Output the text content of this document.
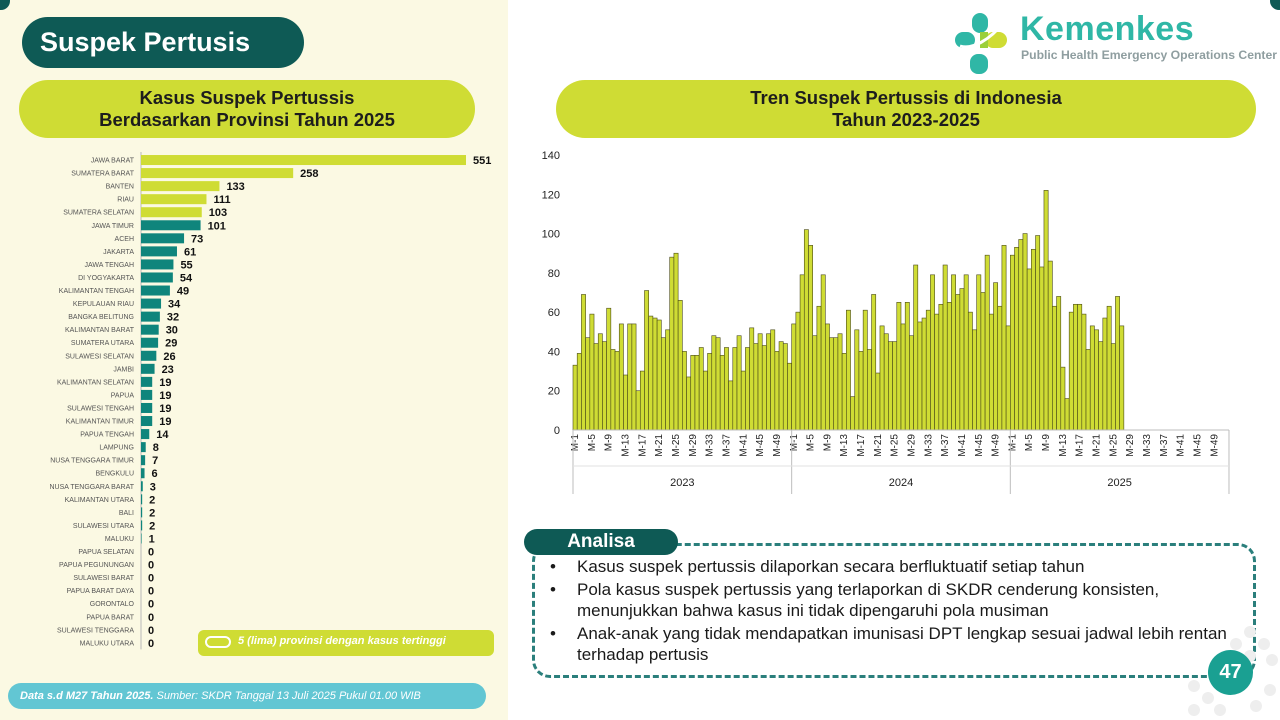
Suspek Pertusis	Kemenkes
Public Health Emergency Operations Center
Kasus Suspek Pertussis
Berdasarkan Provinsi Tahun 2025
Tren Suspek Pertussis di Indonesia
Tahun 2023-2025
JAWA BARAT	551
SUMATERA BARAT	258
BANTEN	133
RIAU	111
SUMATERA SELATAN	103
JAWA TIMUR	101
ACEH	73
JAKARTA	61
JAWA TENGAH	55
DI YOGYAKARTA	54
KALIMANTAN TENGAH	49
KEPULAUAN RIAU	34
BANGKA BELITUNG	32
KALIMANTAN BARAT	30
SUMATERA UTARA	29
SULAWESI SELATAN	26
JAMBI	23
KALIMANTAN SELATAN 19
PAPUA 19
SULAWESI TENGAH 19
KALIMANTAN TIMUR 19
PAPUA TENGAH 14
LAMPUNG 8
NUSA TENGGARA TIMUR 7
BENGKULU 6
NUSA TENGGARA BARAT 3
KALIMANTAN UTARA 2
BALI 2
SULAWESI UTARA 2
MALUKU 1
PAPUA SELATAN 0
PAPUA PEGUNUNGAN 0
SULAWESI BARAT 0
PAPUA BARAT DAYA 0
GORONTALO 0
PAPUA BARAT 0
SULAWESI TENGGARA 0
MALUKU UTARA 0	5 (lima) provinsi dengan kasus tertinggi
Data s.d M27 Tahun 2025. Sumber: SKDR Tanggal 13 Juli 2025 Pukul 01.00 WIB
0
20
40
60
80
100
120
140
M-1 M-5 M-9 M-13 M-17 M-21 M-25 M-29 M-33 M-37 M-41 M-45 M-49 M-1 M-5 M-9 M-13 M-17 M-21 M-25 M-29 M-33 M-37 M-41 M-45 M-49 M-1 M-5 M-9 M-13 M-17 M-21 M-25 M-29 M-33 M-37 M-41 M-45 M-49
2023	2024	2025
Analisa
• Kasus suspek pertussis dilaporkan secara berfluktuatif setiap tahun
• Pola kasus suspek pertussis yang terlaporkan di SKDR cenderung konsisten, menunjukkan bahwa kasus ini tidak dipengaruhi pola musiman
• Anak-anak yang tidak mendapatkan imunisasi DPT lengkap sesuai jadwal lebih rentan terhadap pertusis
47
